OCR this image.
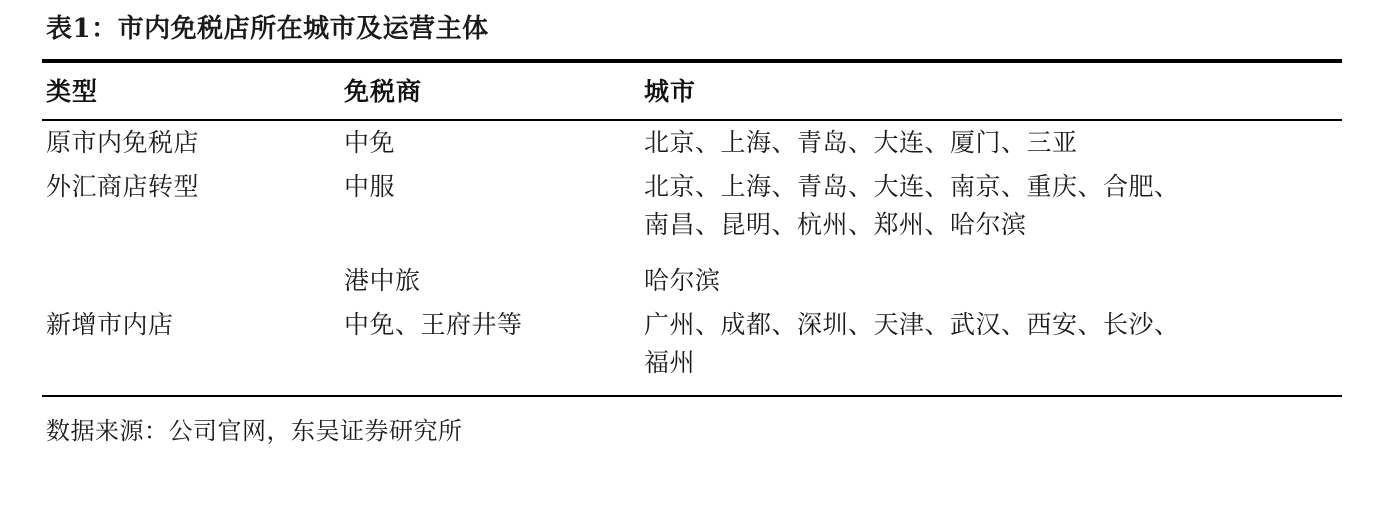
表1：市内免税店所在城市及运营主体
类型	免税商	城市
原市内免税店	中免	北京、上海、青岛、大连、厦门、三亚

外汇商店转型	中服	北京、上海、青岛、大连、南京、重庆、合肥、
南昌、昆明、杭州、郑州、哈尔滨

	港中旅	哈尔滨

新增市内店	中免、王府井等	广州、成都、深圳、天津、武汉、西安、长沙、
福州
数据来源：公司官网，东吴证券研究所
